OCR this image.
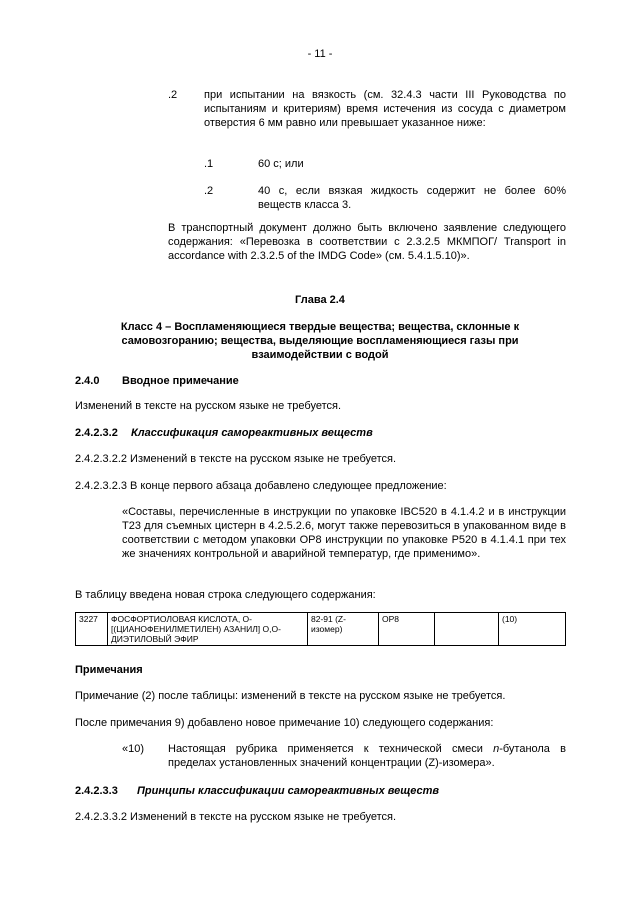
- 11 -
.2 при испытании на вязкость (см. 32.4.3 части III Руководства по испытаниям и критериям) время истечения из сосуда с диаметром отверстия 6 мм равно или превышает указанное ниже:
.1	60 с; или
.2	40 с, если вязкая жидкость содержит не более 60% веществ класса 3.
В транспортный документ должно быть включено заявление следующего содержания: «Перевозка в соответствии с 2.3.2.5 МКМПОГ/ Transport in accordance with 2.3.2.5 of the IMDG Code» (см. 5.4.1.5.10)».
Глава 2.4
Класс 4 – Воспламеняющиеся твердые вещества; вещества, склонные к самовозгоранию; вещества, выделяющие воспламеняющиеся газы при взаимодействии с водой
2.4.0 Вводное примечание
Изменений в тексте на русском языке не требуется.
2.4.2.3.2 Классификация самореактивных веществ
2.4.2.3.2.2 Изменений в тексте на русском языке не требуется.
2.4.2.3.2.3 В конце первого абзаца добавлено следующее предложение:
«Составы, перечисленные в инструкции по упаковке IBC520 в 4.1.4.2 и в инструкции T23 для съемных цистерн в 4.2.5.2.6, могут также перевозиться в упакованном виде в соответствии с методом упаковки OP8 инструкции по упаковке P520 в 4.1.4.1 при тех же значениях контрольной и аварийной температур, где применимо».
В таблицу введена новая строка следующего содержания:
3227	ФОСФОРТИОЛОВАЯ КИСЛОТА, О-[(ЦИАНОФЕНИЛМЕТИЛЕН) АЗАНИЛ] О,О-ДИЭТИЛОВЫЙ ЭФИР	82-91 (Z-изомер)	OP8		(10)
Примечания
Примечание (2) после таблицы: изменений в тексте на русском языке не требуется.
После примечания 9) добавлено новое примечание 10) следующего содержания:
«10) Настоящая рубрика применяется к технической смеси n-бутанола в пределах установленных значений концентрации (Z)-изомера».
2.4.2.3.3 Принципы классификации самореактивных веществ
2.4.2.3.3.2 Изменений в тексте на русском языке не требуется.
